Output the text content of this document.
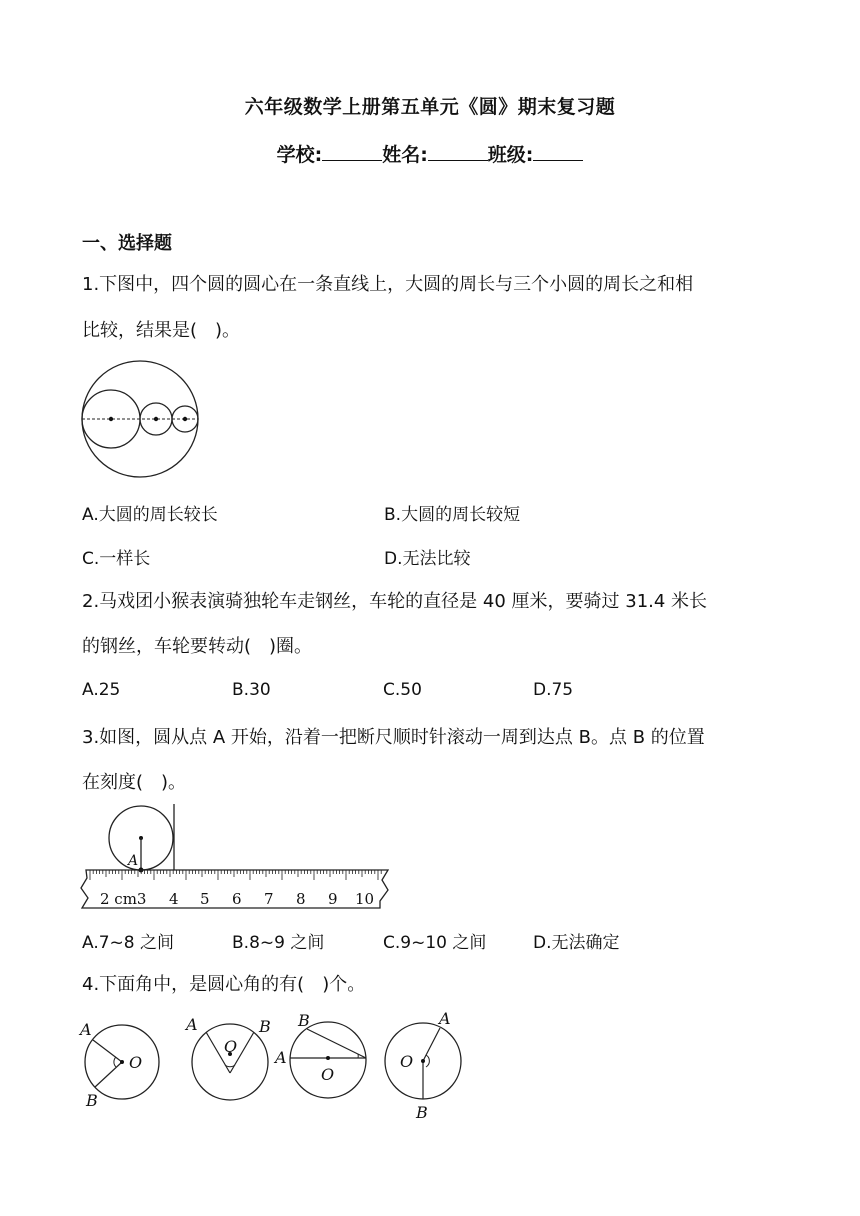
六年级数学上册第五单元《圆》期末复习题
学校:	姓名:	班级:
一、选择题
1.下图中，四个圆的圆心在一条直线上，大圆的周长与三个小圆的周长之和相
比较，结果是( )。
A.大圆的周长较长	B.大圆的周长较短
C.一样长	D.无法比较
2.马戏团小猴表演骑独轮车走钢丝，车轮的直径是 40 厘米，要骑过 31.4 米长
的钢丝，车轮要转动( )圈。
A.25	B.30	C.50	D.75
3.如图，圆从点 A 开始，沿着一把断尺顺时针滚动一周到达点 B。点 B 的位置
在刻度( )。
A
2 cm3 4 5 6 7 8 9 10
A.7~8 之间	B.8~9 之间	C.9~10 之间	D.无法确定
4.下面角中，是圆心角的有( )个。
A
B
O
A	B
O
B
A
O
A
B
O
